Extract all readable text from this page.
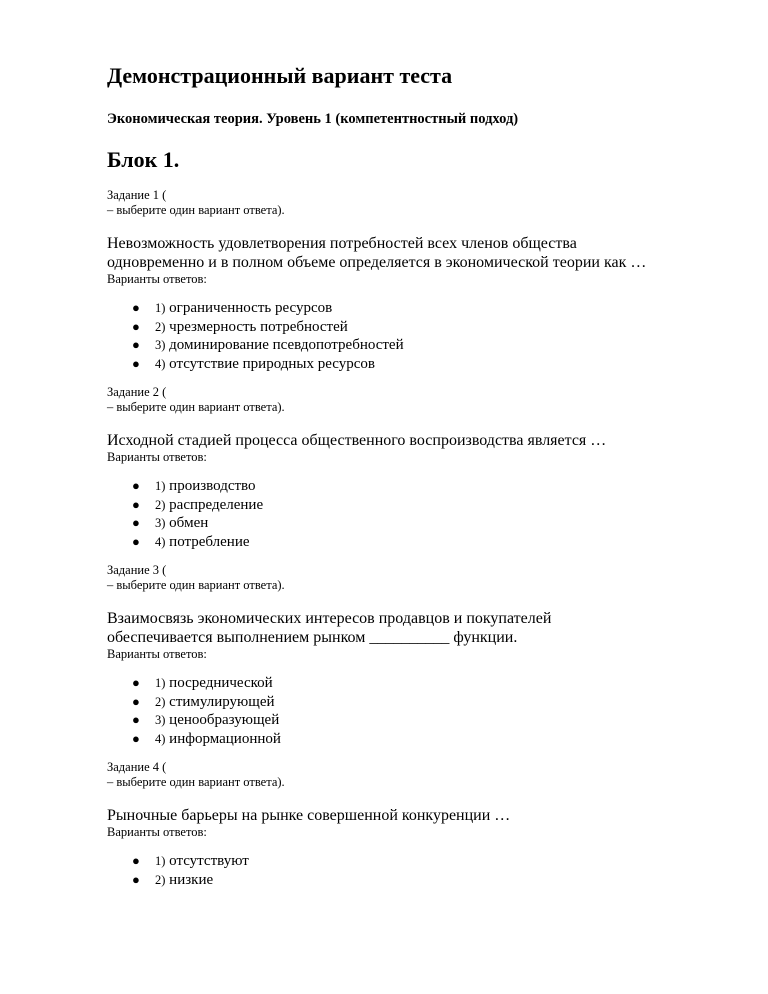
Демонстрационный вариант теста
Экономическая теория. Уровень 1 (компетентностный подход)
Блок 1.

Задание 1 (
– выберите один вариант ответа).

Невозможность удовлетворения потребностей всех членов общества
одновременно и в полном объеме определяется в экономической теории как …

Варианты ответов:

● 1) ограниченность ресурсов
● 2) чрезмерность потребностей
● 3) доминирование псевдопотребностей
● 4) отсутствие природных ресурсов

Задание 2 (
– выберите один вариант ответа).

Исходной стадией процесса общественного воспроизводства является …

Варианты ответов:

● 1) производство
● 2) распределение
● 3) обмен
● 4) потребление

Задание 3 (
– выберите один вариант ответа).

Взаимосвязь экономических интересов продавцов и покупателей
обеспечивается выполнением рынком __________ функции.

Варианты ответов:

● 1) посреднической
● 2) стимулирующей
● 3) ценообразующей
● 4) информационной

Задание 4 (
– выберите один вариант ответа).

Рыночные барьеры на рынке совершенной конкуренции …

Варианты ответов:

● 1) отсутствуют
● 2) низкие
